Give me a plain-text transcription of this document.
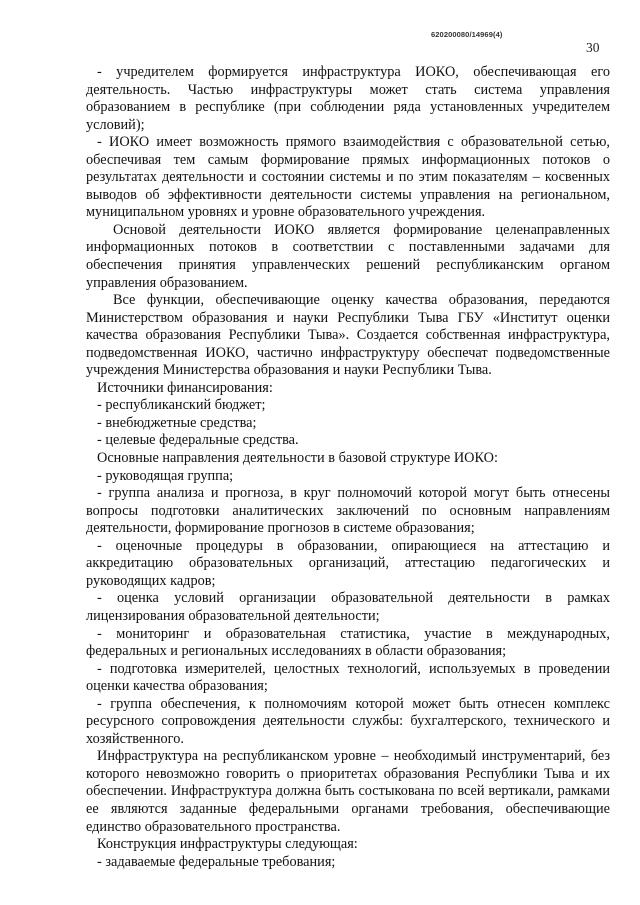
620200080/14969(4)
30

- учредителем формируется инфраструктура ИОКО, обеспечивающая его деятельность. Частью инфраструктуры может стать система управления образованием в республике (при соблюдении ряда установленных учредителем условий);

- ИОКО имеет возможность прямого взаимодействия с образовательной сетью, обеспечивая тем самым формирование прямых информационных потоков о результатах деятельности и состоянии системы и по этим показателям – косвенных выводов об эффективности деятельности системы управления на региональном, муниципальном уровнях и уровне образовательного учреждения.

Основой деятельности ИОКО является формирование целенаправленных информационных потоков в соответствии с поставленными задачами для обеспечения принятия управленческих решений республиканским органом управления образованием.

Все функции, обеспечивающие оценку качества образования, передаются Министерством образования и науки Республики Тыва ГБУ «Институт оценки качества образования Республики Тыва». Создается собственная инфраструктура, подведомственная ИОКО, частично инфраструктуру обеспечат подведомственные учреждения Министерства образования и науки Республики Тыва.

Источники финансирования:

- республиканский бюджет;

- внебюджетные средства;

- целевые федеральные средства.

Основные направления деятельности в базовой структуре ИОКО:

- руководящая группа;

- группа анализа и прогноза, в круг полномочий которой могут быть отнесены вопросы подготовки аналитических заключений по основным направлениям деятельности, формирование прогнозов в системе образования;

- оценочные процедуры в образовании, опирающиеся на аттестацию и аккредитацию образовательных организаций, аттестацию педагогических и руководящих кадров;

- оценка условий организации образовательной деятельности в рамках лицензирования образовательной деятельности;

- мониторинг и образовательная статистика, участие в международных, федеральных и региональных исследованиях в области образования;

- подготовка измерителей, целостных технологий, используемых в проведении оценки качества образования;

- группа обеспечения, к полномочиям которой может быть отнесен комплекс ресурсного сопровождения деятельности службы: бухгалтерского, технического и хозяйственного.

Инфраструктура на республиканском уровне – необходимый инструментарий, без которого невозможно говорить о приоритетах образования Республики Тыва и их обеспечении. Инфраструктура должна быть состыкована по всей вертикали, рамками ее являются заданные федеральными органами требования, обеспечивающие единство образовательного пространства.

Конструкция инфраструктуры следующая:

- задаваемые федеральные требования;
